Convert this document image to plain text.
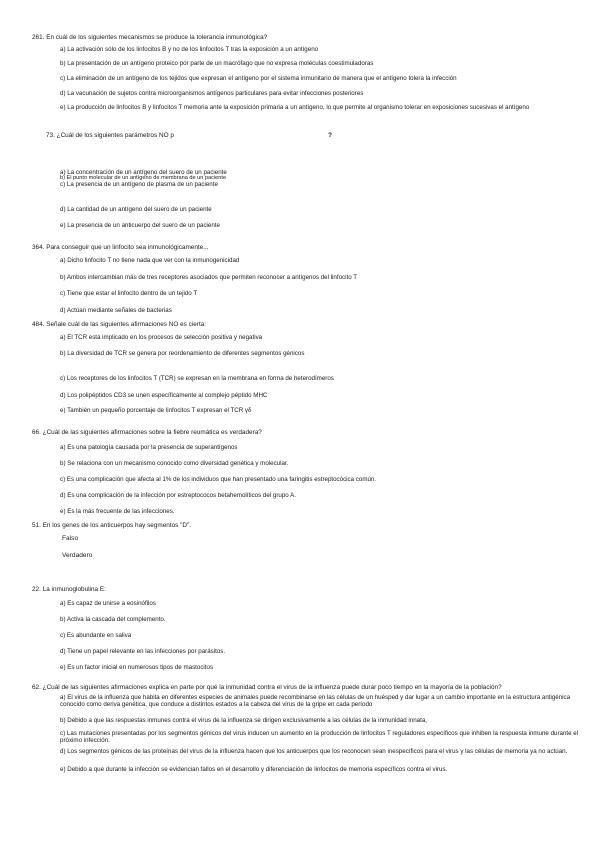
261. En cuál de los siguientes mecanismos se produce la tolerancia inmunológica?
a) La activación sólo de los linfocitos B y no de los linfocitos T tras la exposición a un antígeno
b) La presentación de un antígeno proteico por parte de un macrófago que no expresa moléculas coestimuladoras
c) La eliminación de un antígeno de los tejidos que expresan el antígeno por el sistema inmunitario de manera que el antígeno tolera la infección
d) La vacunación de sujetos contra microorganismos antígenos particulares para evitar infecciones posteriores
e) La producción de linfocitos B y linfocitos T memoria ante la exposición primaria a un antígeno, lo que permite al organismo tolerar en exposiciones sucesivas el antígeno
73. ¿Cuál de los siguientes parámetros NO p	?
a) La concentración de un antígeno del suero de un paciente
b) El punto molecular de un antígeno de membrana de un paciente
c) La presencia de un antígeno de plasma de un paciente
d) La cantidad de un antígeno del suero de un paciente
e) La presencia de un anticuerpo del suero de un paciente
364. Para conseguir que un linfocito sea inmunológicamente...
a) Dicho linfocito T no tiene nada que ver con la inmunogenicidad
b) Ambos intercambian más de tres receptores asociados que permiten reconocer a antígenos del linfocito T
c) Tiene que estar el linfocito dentro de un tejido T
d) Actúan mediante señales de bacterias
484. Señale cuál de las siguientes afirmaciones NO es cierta:
a) El TCR está implicado en los procesos de selección positiva y negativa
b) La diversidad de TCR se genera por reordenamiento de diferentes segmentos génicos
c) Los receptores de los linfocitos T (TCR) se expresan en la membrana en forma de heterodímeros
d) Los polipéptidos CD3 se unen específicamente al complejo péptido MHC
e) También un pequeño porcentaje de linfocitos T expresan el TCR γδ
66. ¿Cuál de las siguientes afirmaciones sobre la fiebre reumática es verdadera?
a) Es una patología causada por la presencia de superantígenos
b) Se relaciona con un mecanismo conocido como diversidad genética y molecular.
c) Es una complicación que afecta al 1% de los individuos que han presentado una faringitis estreptocócica común.
d) Es una complicación de la infección por estreptococos betahemolíticos del grupo A.
e) Es la más frecuente de las infecciones.
51. En los genes de los anticuerpos hay segmentos "D".
Falso
Verdadero
22. La inmunoglobulina E:
a) Es capaz de unirse a eosinófilos
b) Activa la cascada del complemento.
c) Es abundante en saliva
d) Tiene un papel relevante en las infecciones por parásitos.
e) Es un factor inicial en numerosos tipos de mastocitos
62. ¿Cuál de las siguientes afirmaciones explica en parte por qué la inmunidad contra el virus de la influenza puede durar poco tiempo en la mayoría de la población?
a) El virus de la influenza que habita en diferentes especies de animales puede recombinarse en las células de un huésped y dar lugar a un cambio importante en la estructura antigénica conocido como deriva genética, que conduce a distintos estados a la cabeza del virus de la gripe en cada período
b) Debido a que las respuestas inmunes contra el virus de la influenza se dirigen exclusivamente a las células de la inmunidad innata,
c) Las mutaciones presentadas por los segmentos génicos del virus inducen un aumento en la producción de linfocitos T reguladores específicos que inhiben la respuesta inmune durante el próximo infección.
d) Los segmentos génicos de las proteínas del virus de la influenza hacen que los anticuerpos que los reconocen sean inespecíficos para el virus y las células de memoria ya no actúan.
e) Debido a que durante la infección se evidencian fallos en el desarrollo y diferenciación de linfocitos de memoria específicos contra el virus.
